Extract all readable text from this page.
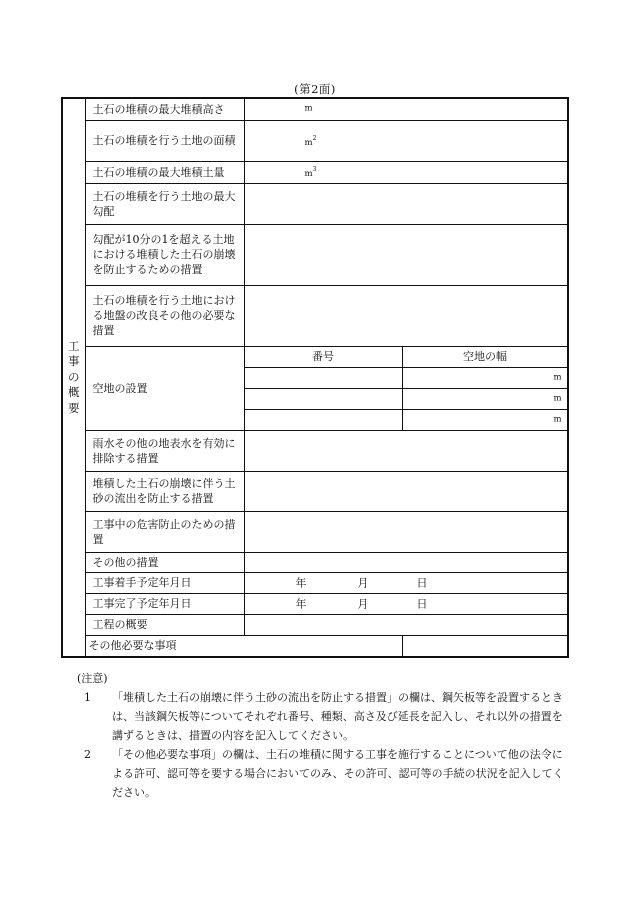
(第2面)
工
事
の
概
要	土石の堆積の最大堆積高さ	m	

	土石の堆積を行う土地の面積	$m^2$

	土石の堆積の最大堆積土量	$m^3$

	土石の堆積を行う土地の最大勾配		
	勾配が10分の1を超える土地における堆積した土石の崩壊を防止するための措置		
	土石の堆積を行う土地における地盤の改良その他の必要な措置		
	空地の設置	番号	空地の幅

			m

			m

			m

	雨水その他の地表水を有効に排除する措置		
	堆積した土石の崩壊に伴う土砂の流出を防止する措置		
	工事中の危害防止のための措置		
	その他の措置		
	工事着手予定年月日	年 月 日	

	工事完了予定年月日	年 月 日	

	工程の概要		
	その他必要な事項		
(注意)
1	「堆積した土石の崩壊に伴う土砂の流出を防止する措置」の欄は、鋼矢板等を設置するときは、当該鋼矢板等についてそれぞれ番号、種類、高さ及び延長を記入し、それ以外の措置を講ずるときは、措置の内容を記入してください。
2	「その他必要な事項」の欄は、土石の堆積に関する工事を施行することについて他の法令による許可、認可等を要する場合においてのみ、その許可、認可等の手続の状況を記入してください。
